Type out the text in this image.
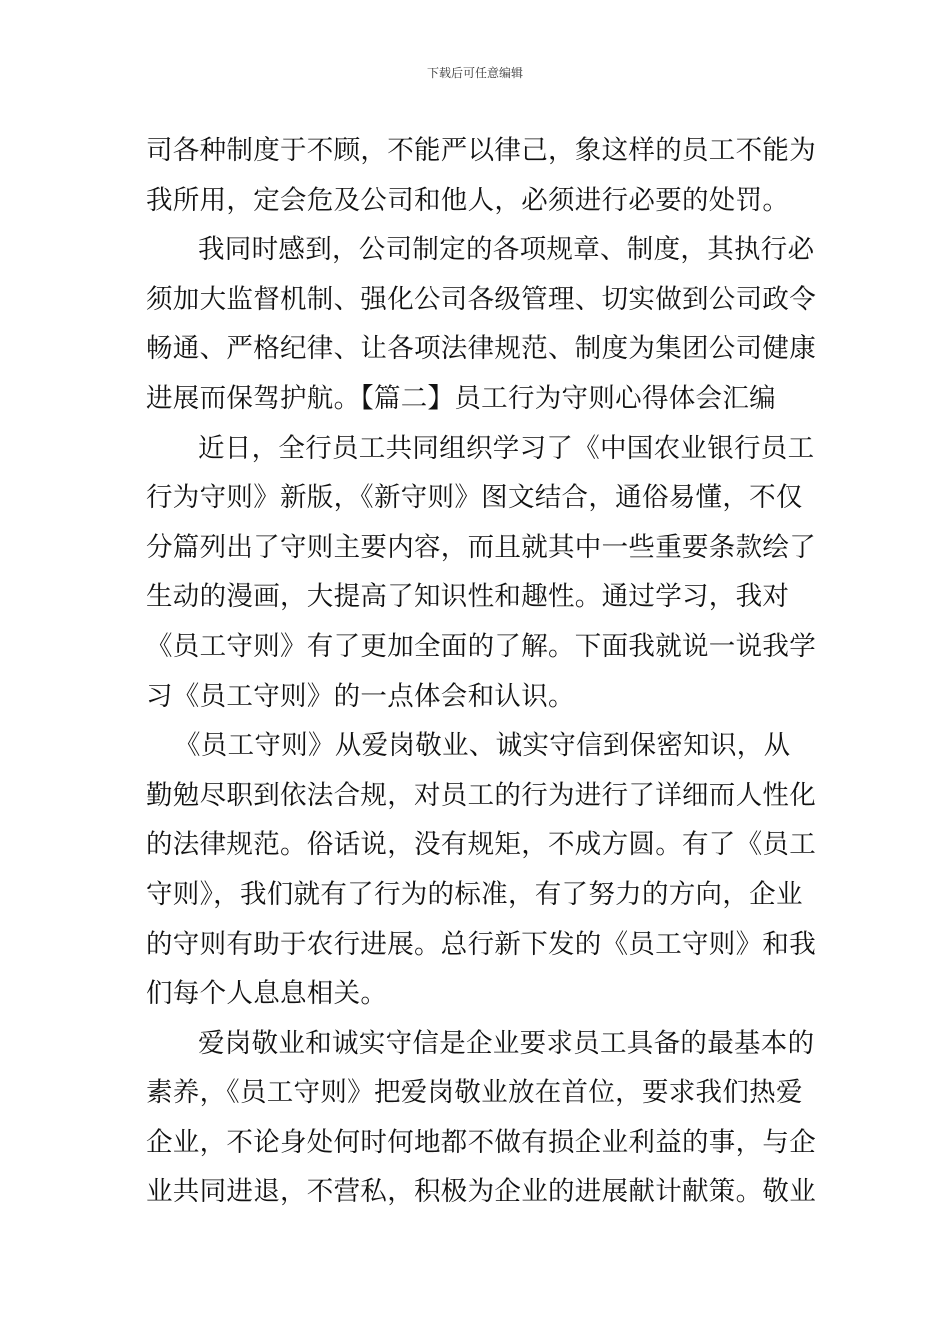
下载后可任意编辑
司各种制度于不顾，不能严以律己，象这样的员工不能为
我所用，定会危及公司和他人，必须进行必要的处罚。
我同时感到，公司制定的各项规章、制度，其执行必
须加大监督机制、强化公司各级管理、切实做到公司政令
畅通、严格纪律、让各项法律规范、制度为集团公司健康
进展而保驾护航。【篇二】员工行为守则心得体会汇编
近日，全行员工共同组织学习了《中国农业银行员工
行为守则》新版，《新守则》图文结合，通俗易懂，不仅
分篇列出了守则主要内容，而且就其中一些重要条款绘了
生动的漫画，大提高了知识性和趣性。通过学习，我对
《员工守则》有了更加全面的了解。下面我就说一说我学
习《员工守则》的一点体会和认识。
《员工守则》从爱岗敬业、诚实守信到保密知识，从
勤勉尽职到依法合规，对员工的行为进行了详细而人性化
的法律规范。俗话说，没有规矩，不成方圆。有了《员工
守则》，我们就有了行为的标准，有了努力的方向，企业
的守则有助于农行进展。总行新下发的《员工守则》和我
们每个人息息相关。
爱岗敬业和诚实守信是企业要求员工具备的最基本的
素养，《员工守则》把爱岗敬业放在首位，要求我们热爱
企业，不论身处何时何地都不做有损企业利益的事，与企
业共同进退，不营私，积极为企业的进展献计献策。敬业
